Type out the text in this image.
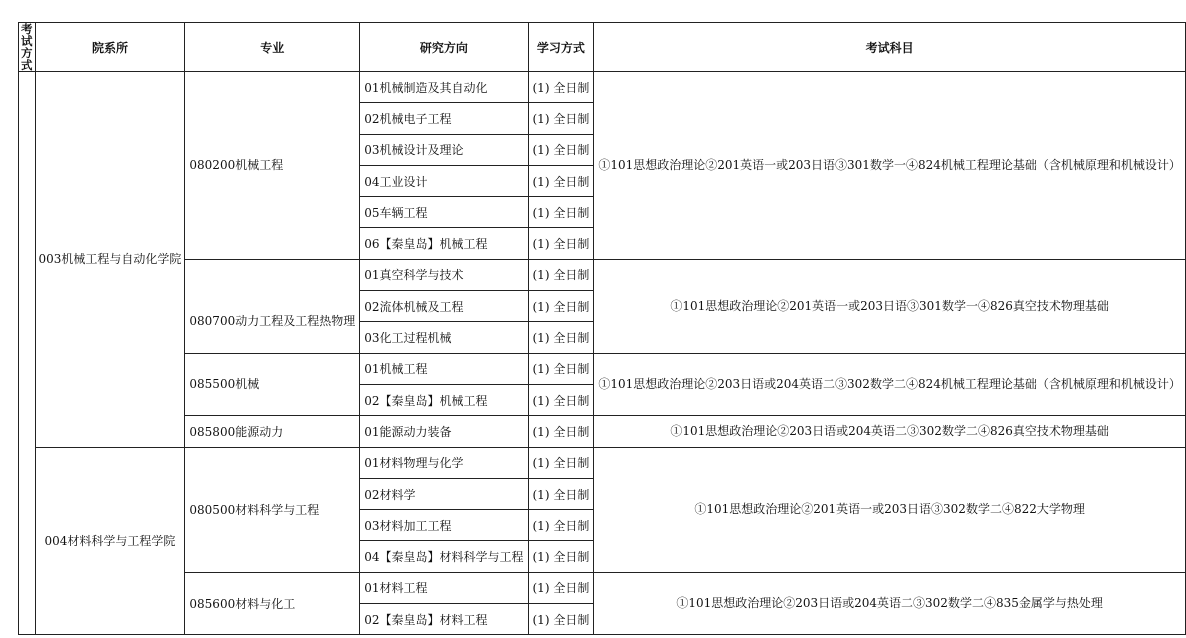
考试方式	院系所	专业	研究方向	学习方式	考试科目
	003机械工程与自动化学院	080200机械工程	01机械制造及其自动化	(1) 全日制	①101思想政治理论②201英语一或203日语③301数学一④824机械工程理论基础（含机械原理和机械设计）
			02机械电子工程	(1) 全日制	
			03机械设计及理论	(1) 全日制	
			04工业设计	(1) 全日制	
			05车辆工程	(1) 全日制	
			06【秦皇岛】机械工程	(1) 全日制	
		080700动力工程及工程热物理	01真空科学与技术	(1) 全日制	①101思想政治理论②201英语一或203日语③301数学一④826真空技术物理基础
			02流体机械及工程	(1) 全日制	
			03化工过程机械	(1) 全日制	
		085500机械	01机械工程	(1) 全日制	①101思想政治理论②203日语或204英语二③302数学二④824机械工程理论基础（含机械原理和机械设计）
			02【秦皇岛】机械工程	(1) 全日制	
		085800能源动力	01能源动力装备	(1) 全日制	①101思想政治理论②203日语或204英语二③302数学二④826真空技术物理基础
	004材料科学与工程学院	080500材料科学与工程	01材料物理与化学	(1) 全日制	①101思想政治理论②201英语一或203日语③302数学二④822大学物理
			02材料学	(1) 全日制	
			03材料加工工程	(1) 全日制	
			04【秦皇岛】材料科学与工程	(1) 全日制	
		085600材料与化工	01材料工程	(1) 全日制	①101思想政治理论②203日语或204英语二③302数学二④835金属学与热处理
			02【秦皇岛】材料工程	(1) 全日制	
